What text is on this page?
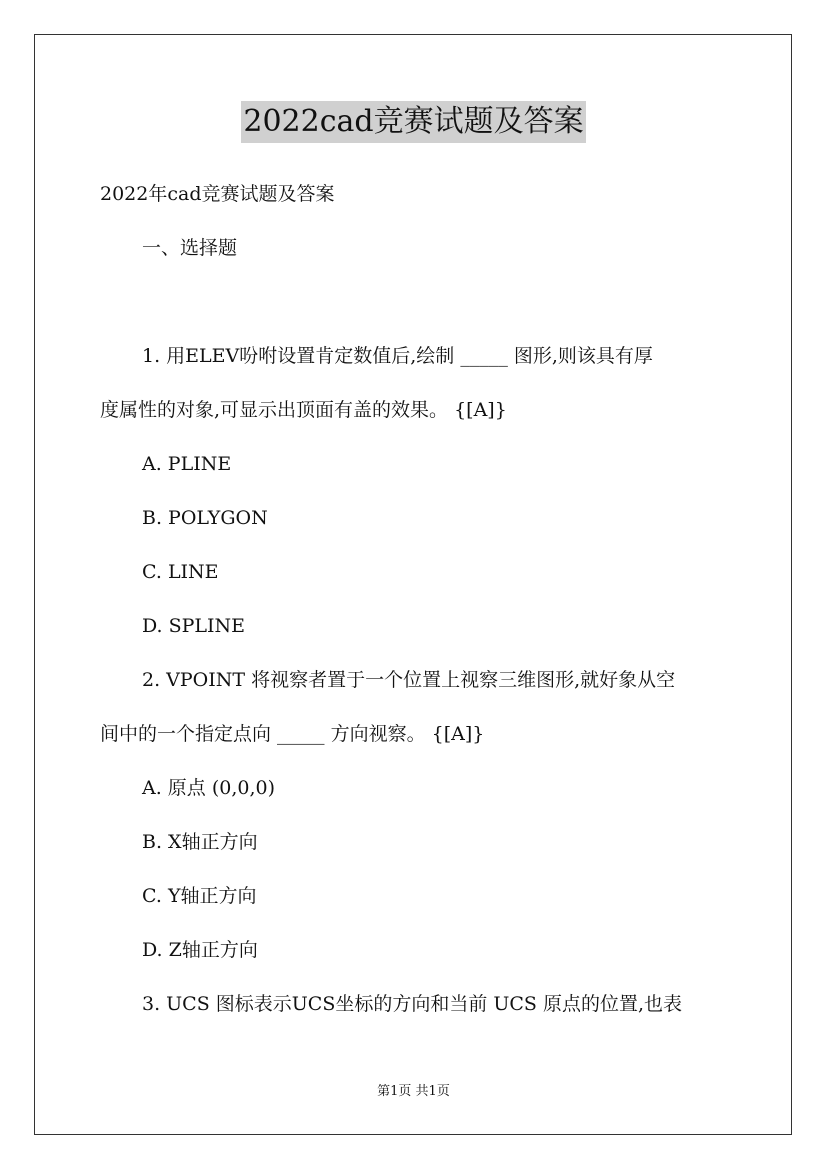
2022cad竞赛试题及答案
2022年cad竞赛试题及答案
一、选择题
1. 用ELEV吩咐设置肯定数值后,绘制 _____ 图形,则该具有厚
度属性的对象,可显示出顶面有盖的效果。 {[A]}
A. PLINE
B. POLYGON
C. LINE
D. SPLINE
2. VPOINT 将视察者置于一个位置上视察三维图形,就好象从空
间中的一个指定点向 _____ 方向视察。 {[A]}
A. 原点 (0,0,0)
B. X轴正方向
C. Y轴正方向
D. Z轴正方向
3. UCS 图标表示UCS坐标的方向和当前 UCS 原点的位置,也表
第1页 共1页
